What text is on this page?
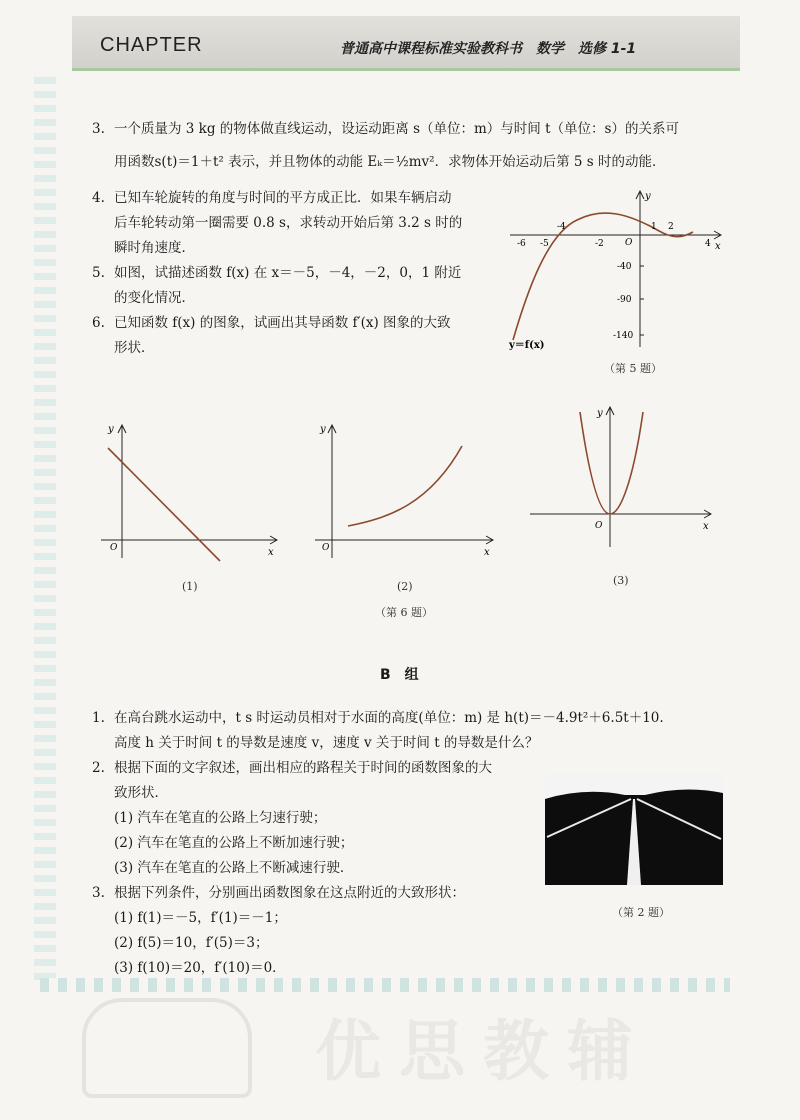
CHAPTER	普通高中课程标准实验教科书　数学　选修 1-1
3. 一个质量为 3 kg 的物体做直线运动，设运动距离 s（单位：m）与时间 t（单位：s）的关系可
用函数s(t)＝1＋t² 表示，并且物体的动能 Eₖ＝½mv²．求物体开始运动后第 5 s 时的动能．
4. 已知车轮旋转的角度与时间的平方成正比．如果车辆启动
后车轮转动第一圈需要 0.8 s，求转动开始后第 3.2 s 时的
瞬时角速度．
5. 如图，试描述函数 f(x) 在 x＝－5，－4，－2，0，1 附近
的变化情况．
6. 已知函数 f(x) 的图象，试画出其导函数 f′(x) 图象的大致
形状．
x
y
O
-6 -5
-4
-2
1 2
4
-40
-90
-140
y＝f(x)
（第 5 题）
x
y
O
(1)
x
y
O
(2)
x
y
O
(3)
（第 6 题）
B　组
1. 在高台跳水运动中，t s 时运动员相对于水面的高度(单位：m) 是 h(t)＝－4.9t²＋6.5t＋10.
高度 h 关于时间 t 的导数是速度 v，速度 v 关于时间 t 的导数是什么？
2. 根据下面的文字叙述，画出相应的路程关于时间的函数图象的大
致形状．
(1) 汽车在笔直的公路上匀速行驶；
(2) 汽车在笔直的公路上不断加速行驶；
(3) 汽车在笔直的公路上不断减速行驶．
3. 根据下列条件，分别画出函数图象在这点附近的大致形状：
(1) f(1)＝－5，f′(1)＝－1；
(2) f(5)＝10，f′(5)＝3；
(3) f(10)＝20，f′(10)＝0．
（第 2 题）
优思教辅
